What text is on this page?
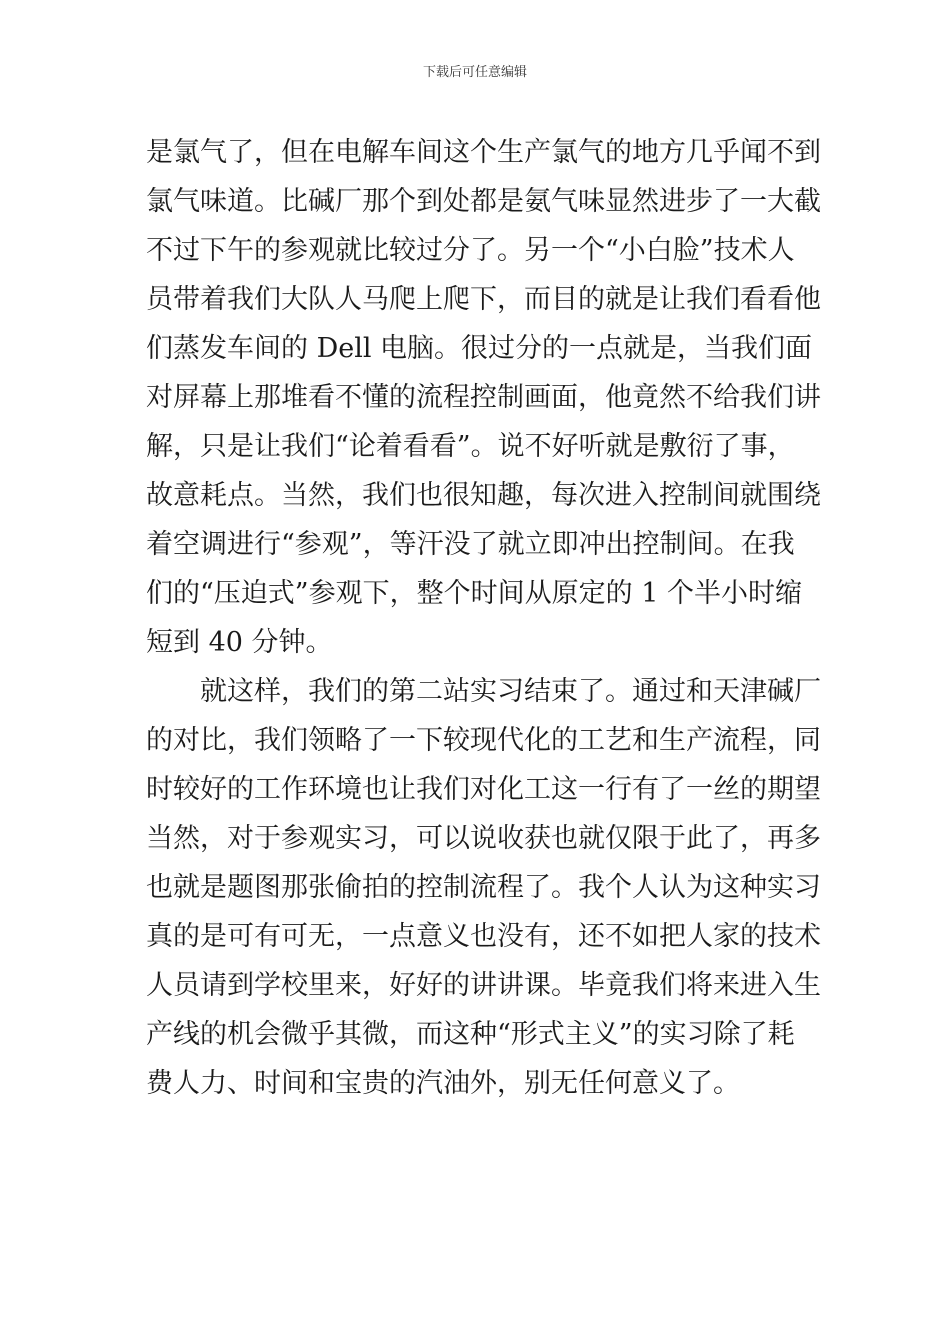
下载后可任意编辑
是氯气了，但在电解车间这个生产氯气的地方几乎闻不到
氯气味道。比碱厂那个到处都是氨气味显然进步了一大截
不过下午的参观就比较过分了。另一个“小白脸”技术人
员带着我们大队人马爬上爬下，而目的就是让我们看看他
们蒸发车间的 Dell 电脑。很过分的一点就是，当我们面
对屏幕上那堆看不懂的流程控制画面，他竟然不给我们讲
解，只是让我们“论着看看”。说不好听就是敷衍了事，
故意耗点。当然，我们也很知趣，每次进入控制间就围绕
着空调进行“参观”，等汗没了就立即冲出控制间。在我
们的“压迫式”参观下，整个时间从原定的 1 个半小时缩
短到 40 分钟。
就这样，我们的第二站实习结束了。通过和天津碱厂
的对比，我们领略了一下较现代化的工艺和生产流程，同
时较好的工作环境也让我们对化工这一行有了一丝的期望
当然，对于参观实习，可以说收获也就仅限于此了，再多
也就是题图那张偷拍的控制流程了。我个人认为这种实习
真的是可有可无，一点意义也没有，还不如把人家的技术
人员请到学校里来，好好的讲讲课。毕竟我们将来进入生
产线的机会微乎其微，而这种“形式主义”的实习除了耗
费人力、时间和宝贵的汽油外，别无任何意义了。
